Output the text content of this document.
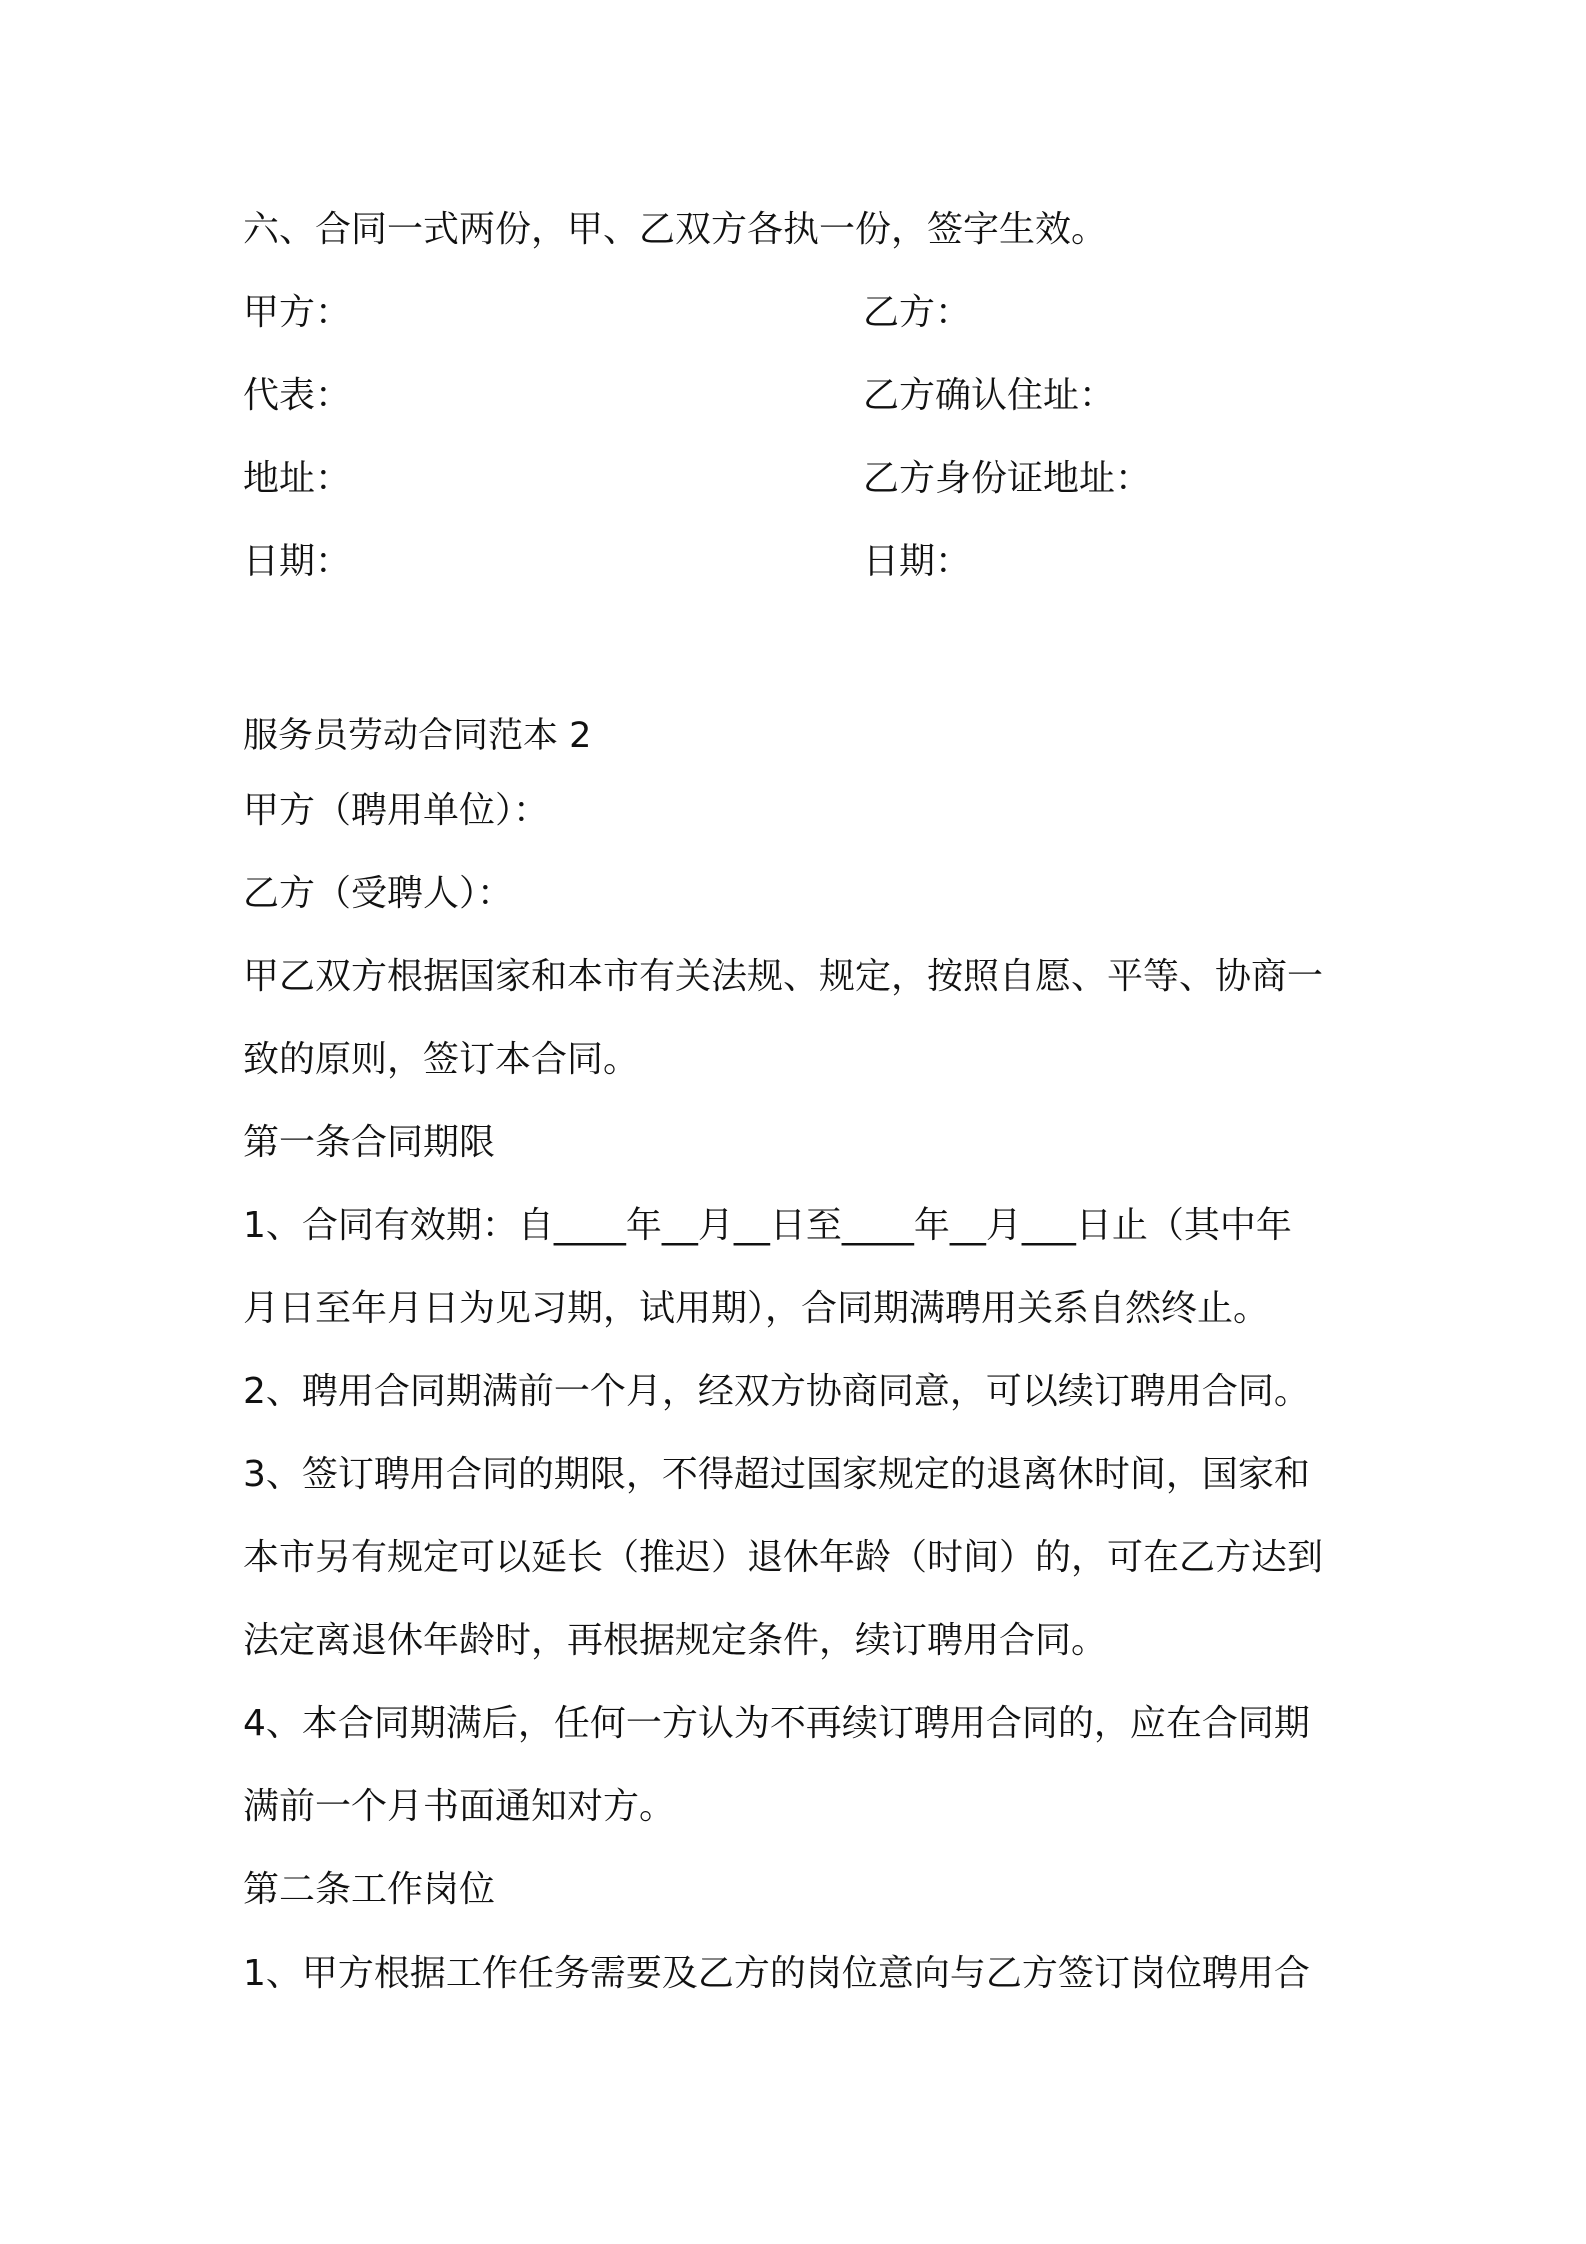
六、合同一式两份，甲、乙双方各执一份，签字生效。
甲方：	乙方：
代表：	乙方确认住址：
地址：	乙方身份证地址：
日期：	日期：
服务员劳动合同范本 2
甲方（聘用单位）：
乙方（受聘人）：
甲乙双方根据国家和本市有关法规、规定，按照自愿、平等、协商一
致的原则，签订本合同。
第一条合同期限
1、合同有效期：自____年__月__日至____年__月___日止（其中年
月日至年月日为见习期，试用期），合同期满聘用关系自然终止。
2、聘用合同期满前一个月，经双方协商同意，可以续订聘用合同。
3、签订聘用合同的期限，不得超过国家规定的退离休时间，国家和
本市另有规定可以延长（推迟）退休年龄（时间）的，可在乙方达到
法定离退休年龄时，再根据规定条件，续订聘用合同。
4、本合同期满后，任何一方认为不再续订聘用合同的，应在合同期
满前一个月书面通知对方。
第二条工作岗位
1、甲方根据工作任务需要及乙方的岗位意向与乙方签订岗位聘用合
